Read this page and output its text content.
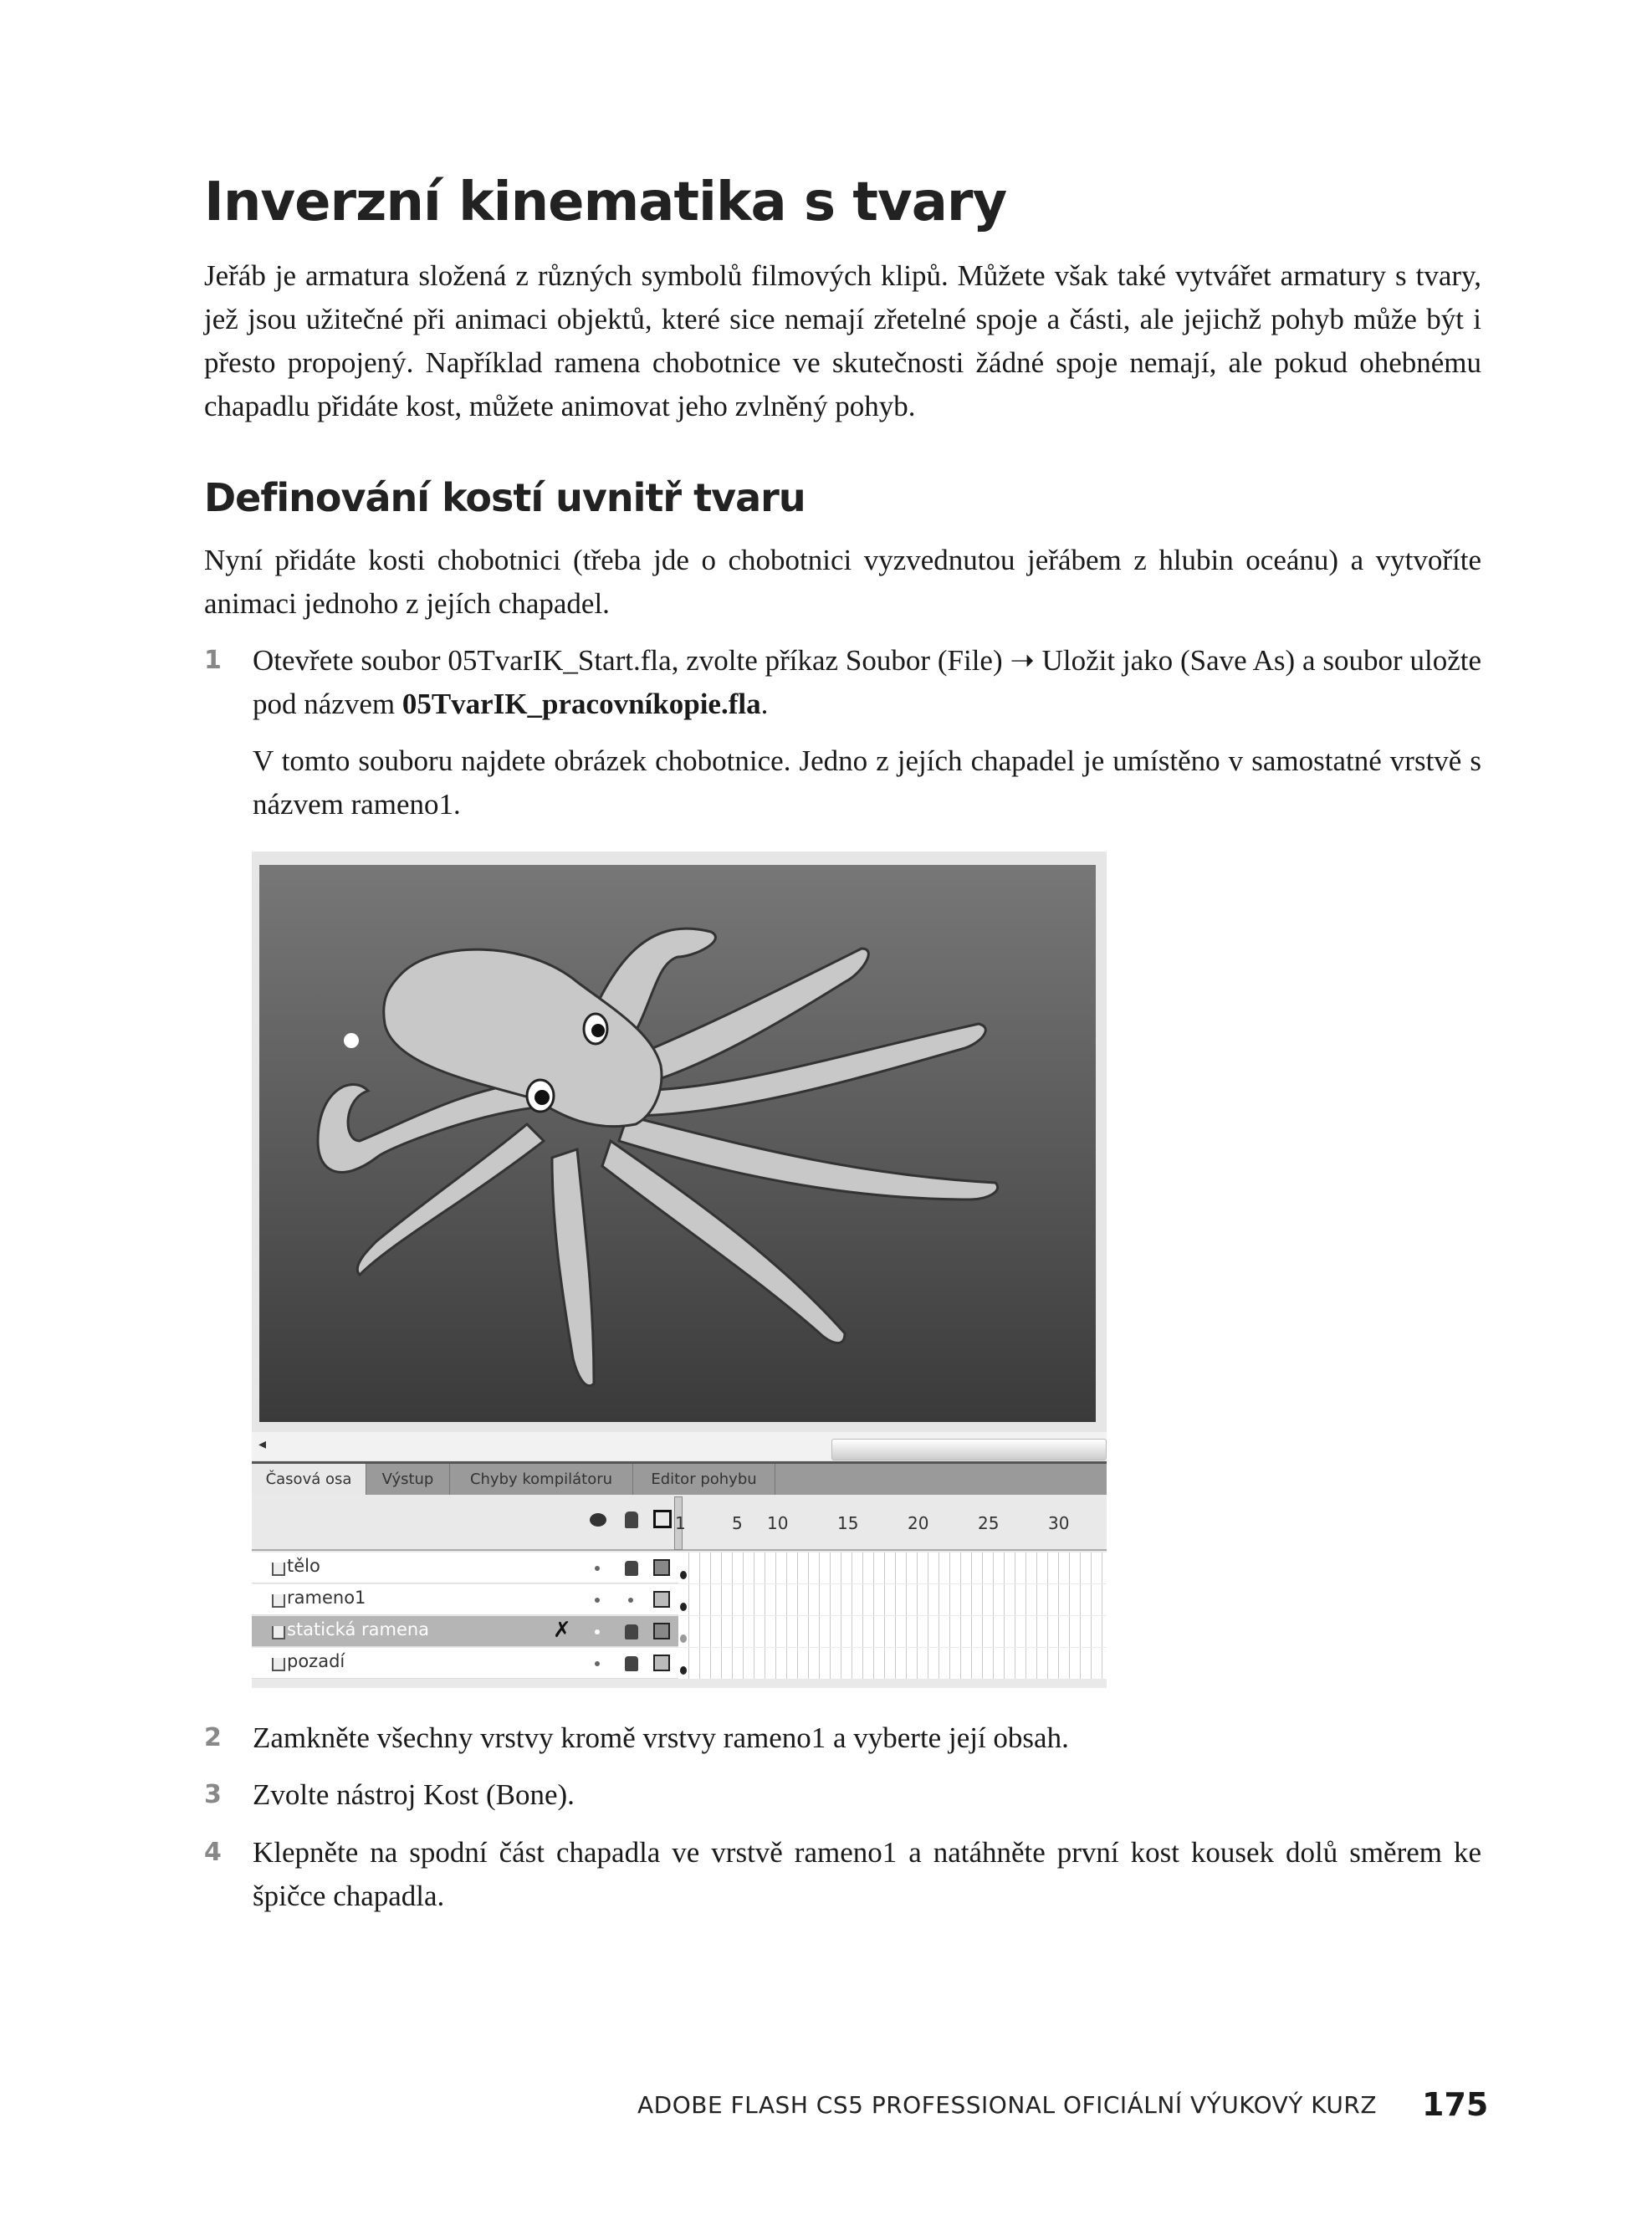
Inverzní kinematika s tvary
Jeřáb je armatura složená z různých symbolů filmových klipů. Můžete však také vytvářet armatury s tvary, jež jsou užitečné při animaci objektů, které sice nemají zřetelné spoje a části, ale jejichž pohyb může být i přesto propojený. Například ramena chobotnice ve skutečnosti žádné spoje nemají, ale pokud ohebnému chapadlu přidáte kost, můžete animovat jeho zvlněný pohyb.
Definování kostí uvnitř tvaru
Nyní přidáte kosti chobotnici (třeba jde o chobotnici vyzvednutou jeřábem z hlubin oceánu) a vytvoříte animaci jednoho z jejích chapadel.
1 Otevřete soubor 05TvarIK_Start.fla, zvolte příkaz Soubor (File) ➝ Uložit jako (Save As) a soubor uložte pod názvem 05TvarIK_pracovníkopie.fla.
V tomto souboru najdete obrázek chobotnice. Jedno z jejích chapadel je umístěno v samostatné vrstvě s názvem rameno1.
◂
Časová osa	Výstup	Chyby kompilátoru	Editor pohybu
1	5 10	15	20	25	30
tělo
rameno1
statická ramena	✗
pozadí
2 Zamkněte všechny vrstvy kromě vrstvy rameno1 a vyberte její obsah.
3 Zvolte nástroj Kost (Bone).
4 Klepněte na spodní část chapadla ve vrstvě rameno1 a natáhněte první kost kousek dolů směrem ke špičce chapadla.
ADOBE FLASH CS5 PROFESSIONAL OFICIÁLNÍ VÝUKOVÝ KURZ 175
